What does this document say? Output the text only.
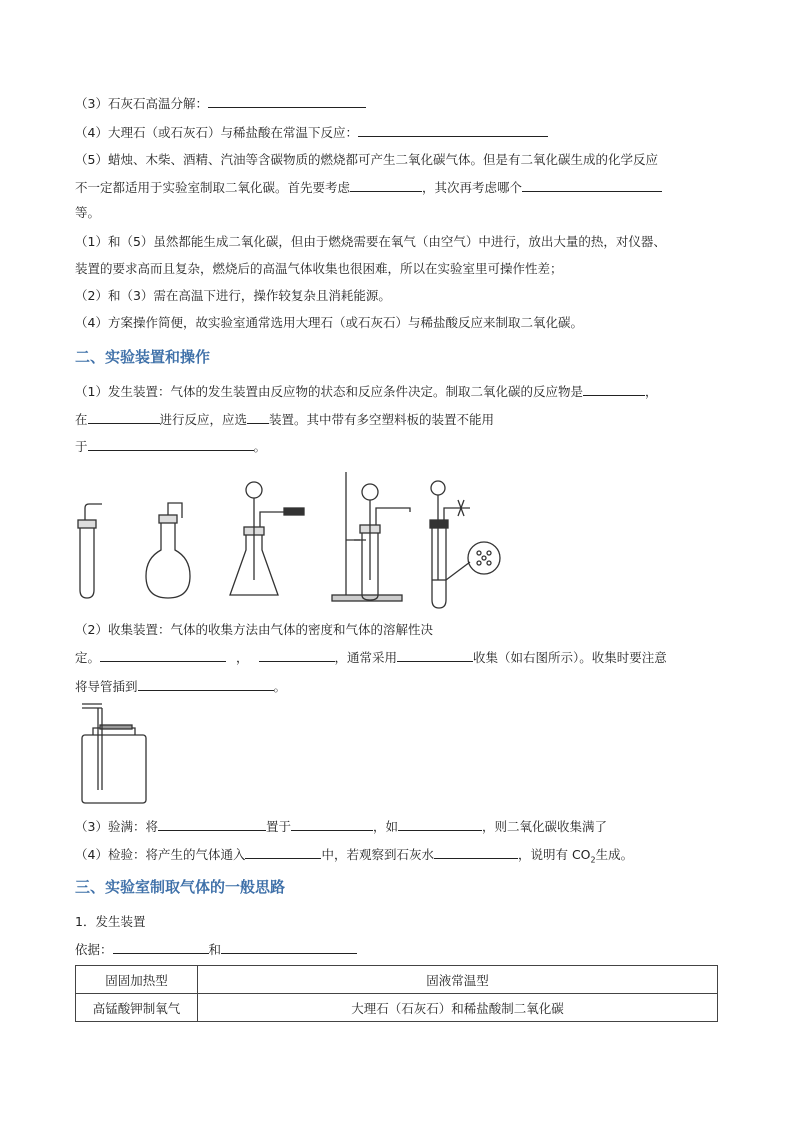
（3）石灰石高温分解：
（4）大理石（或石灰石）与稀盐酸在常温下反应：
（5）蜡烛、木柴、酒精、汽油等含碳物质的燃烧都可产生二氧化碳气体。但是有二氧化碳生成的化学反应
不一定都适用于实验室制取二氧化碳。首先要考虑	，其次再考虑哪个
等。
（1）和（5）虽然都能生成二氧化碳，但由于燃烧需要在氧气（由空气）中进行，放出大量的热，对仪器、
装置的要求高而且复杂，燃烧后的高温气体收集也很困难，所以在实验室里可操作性差；
（2）和（3）需在高温下进行，操作较复杂且消耗能源。
（4）方案操作简便，故实验室通常选用大理石（或石灰石）与稀盐酸反应来制取二氧化碳。
二、实验装置和操作
（1）发生装置：气体的发生装置由反应物的状态和反应条件决定。制取二氧化碳的反应物是	，
在	进行反应，应选 装置。其中带有多空塑料板的装置不能用
于	。
（2）收集装置：气体的收集方法由气体的密度和气体的溶解性决
定。	，	，通常采用	收集（如右图所示）。收集时要注意
将导管插到	。
（3）验满：将	置于	，如	，则二氧化碳收集满了
（4）检验：将产生的气体通入	中，若观察到石灰水	，说明有 $CO_2$生成。
三、实验室制取气体的一般思路
1．发生装置
依据：	和
固固加热型	固液常温型
高锰酸钾制氧气	大理石（石灰石）和稀盐酸制二氧化碳
